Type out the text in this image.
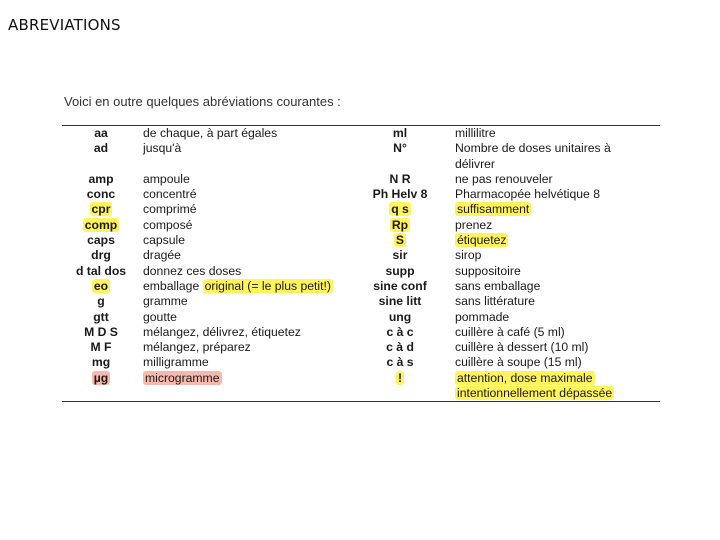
ABREVIATIONS

Voici en outre quelques abréviations courantes :

aa	de chaque, à part égales	ml	millilitre
ad	jusqu'à	N°	Nombre de doses unitaires à
délivrer
amp	ampoule	N R	ne pas renouveler
conc	concentré	Ph Helv 8	Pharmacopée helvétique 8
cpr	comprimé	q s	suffisamment
comp	composé	Rp	prenez
caps	capsule	S	étiquetez
drg	dragée	sir	sirop
d tal dos	donnez ces doses	supp	suppositoire
eo	emballage original (= le plus petit!)	sine conf	sans emballage
g	gramme	sine litt	sans littérature
gtt	goutte	ung	pommade
M D S	mélangez, délivrez, étiquetez	c à c	cuillère à café (5 ml)
M F	mélangez, préparez	c à d	cuillère à dessert (10 ml)
mg	milligramme	c à s	cuillère à soupe (15 ml)
µg	microgramme	!	attention, dose maximale
intentionnellement dépassée
